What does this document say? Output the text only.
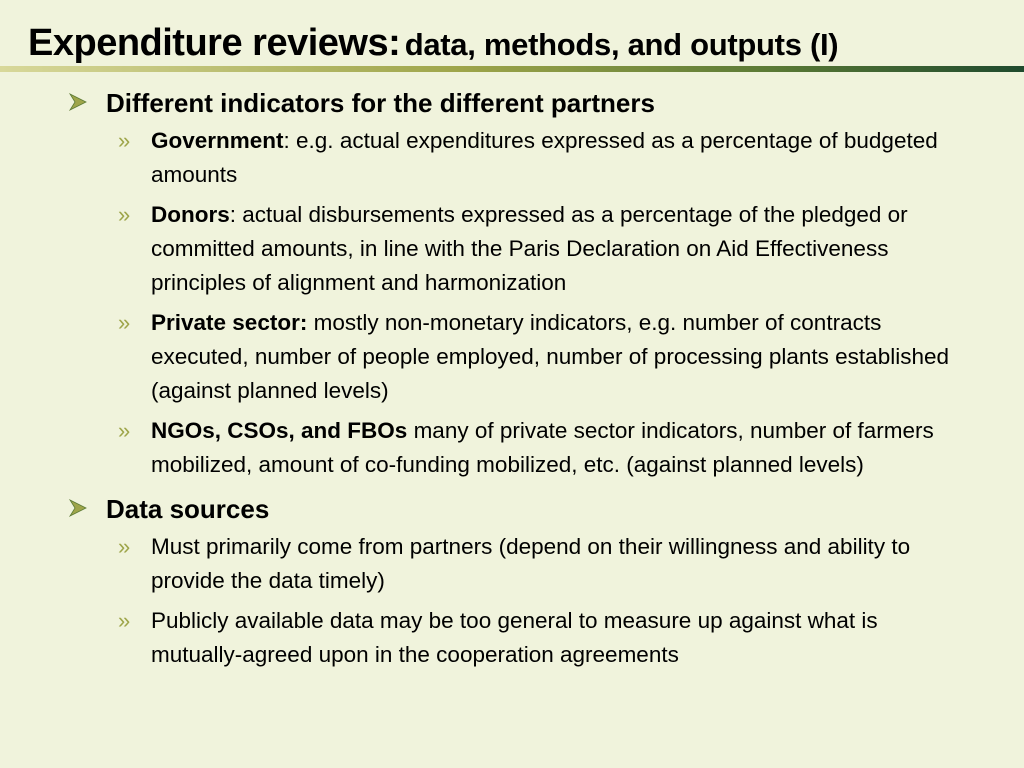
Expenditure reviews: data, methods, and outputs (I)
Different indicators for the different partners
» Government: e.g. actual expenditures expressed as a percentage of budgeted amounts
» Donors: actual disbursements expressed as a percentage of the pledged or committed amounts, in line with the Paris Declaration on Aid Effectiveness principles of alignment and harmonization
» Private sector: mostly non-monetary indicators, e.g. number of contracts executed, number of people employed, number of processing plants established (against planned levels)
» NGOs, CSOs, and FBOs many of private sector indicators, number of farmers mobilized, amount of co-funding mobilized, etc. (against planned levels)
Data sources
» Must primarily come from partners (depend on their willingness and ability to provide the data timely)
» Publicly available data may be too general to measure up against what is mutually-agreed upon in the cooperation agreements
